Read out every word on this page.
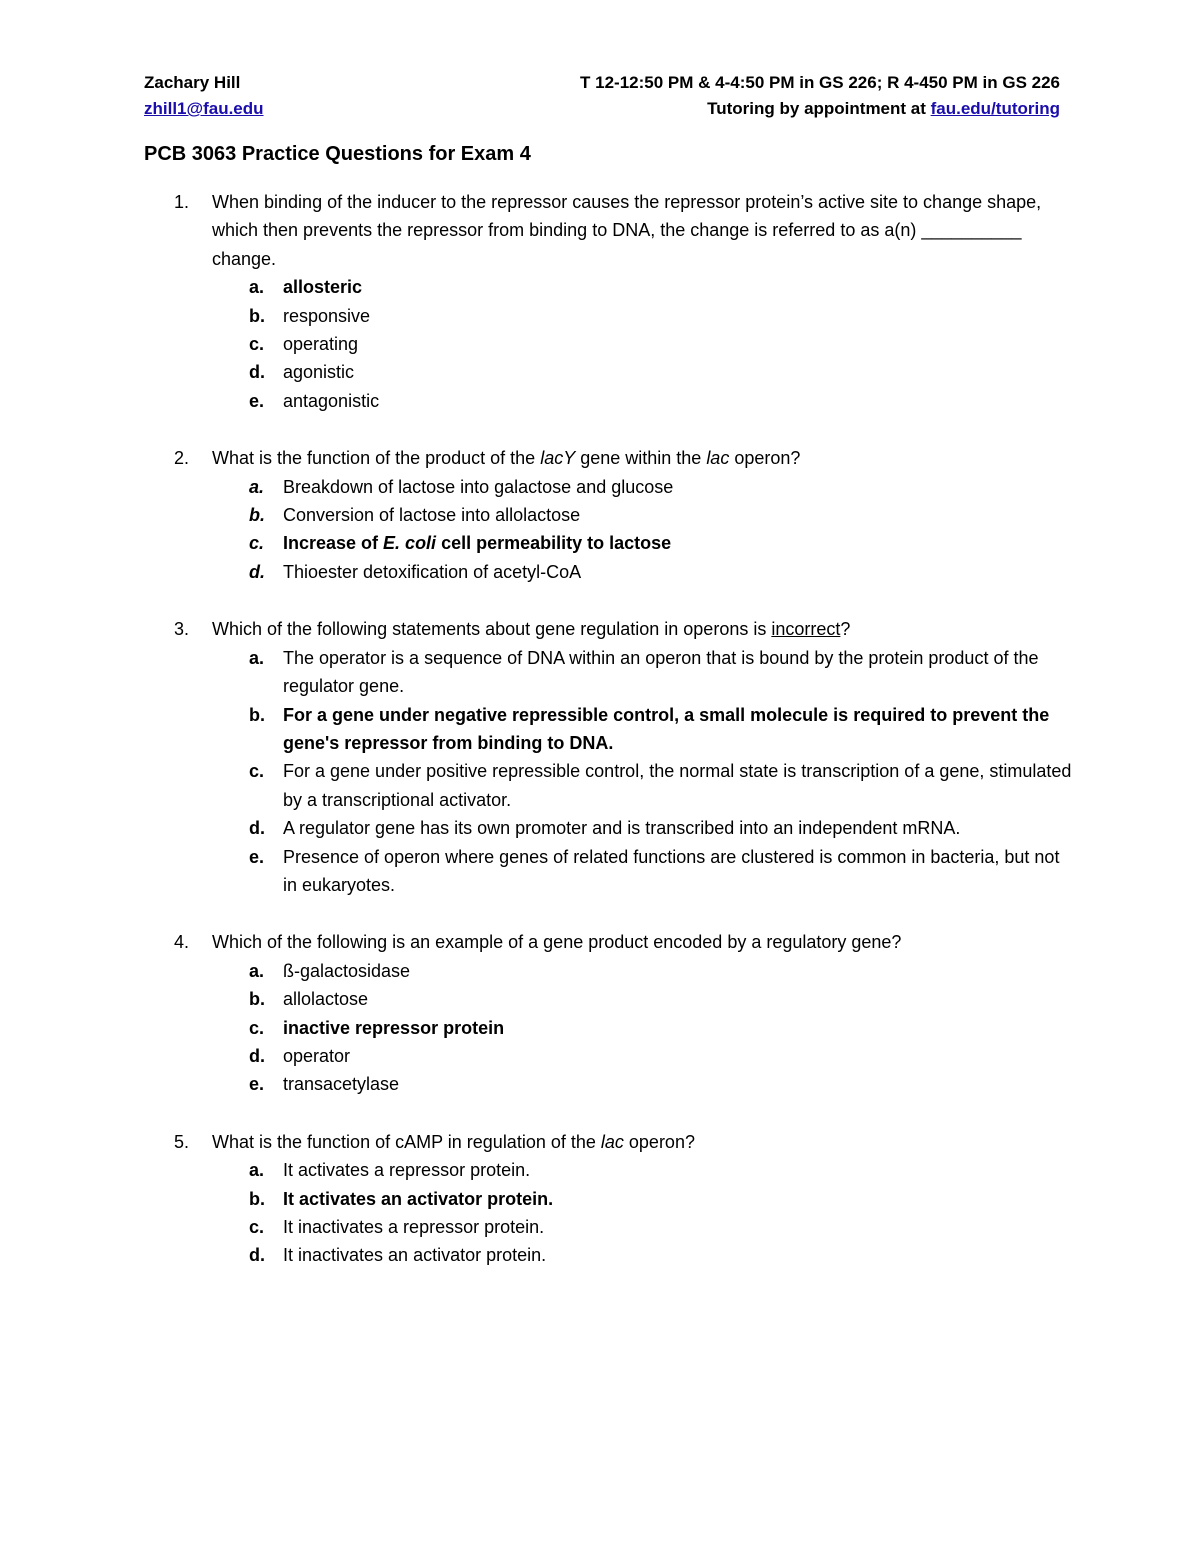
Zachary Hill	T 12-12:50 PM & 4-4:50 PM in GS 226; R 4-450 PM in GS 226
zhill1@fau.edu	Tutoring by appointment at fau.edu/tutoring
PCB 3063 Practice Questions for Exam 4
1.	When binding of the inducer to the repressor causes the repressor protein’s active site to change shape, which then prevents the repressor from binding to DNA, the change is referred to as a(n) __________ change.
a.	allosteric
b.	responsive
c.	operating
d.	agonistic
e.	antagonistic
2.	What is the function of the product of the lacY gene within the lac operon?
a.	Breakdown of lactose into galactose and glucose
b.	Conversion of lactose into allolactose
c.	Increase of E. coli cell permeability to lactose
d.	Thioester detoxification of acetyl-CoA
3.	Which of the following statements about gene regulation in operons is incorrect?
a.	The operator is a sequence of DNA within an operon that is bound by the protein product of the regulator gene.
b.	For a gene under negative repressible control, a small molecule is required to prevent the gene's repressor from binding to DNA.
c.	For a gene under positive repressible control, the normal state is transcription of a gene, stimulated by a transcriptional activator.
d.	A regulator gene has its own promoter and is transcribed into an independent mRNA.
e.	Presence of operon where genes of related functions are clustered is common in bacteria, but not in eukaryotes.
4.	Which of the following is an example of a gene product encoded by a regulatory gene?
a.	ß-galactosidase
b.	allolactose
c.	inactive repressor protein
d.	operator
e.	transacetylase
5.	What is the function of cAMP in regulation of the lac operon?
a.	It activates a repressor protein.
b.	It activates an activator protein.
c.	It inactivates a repressor protein.
d.	It inactivates an activator protein.
